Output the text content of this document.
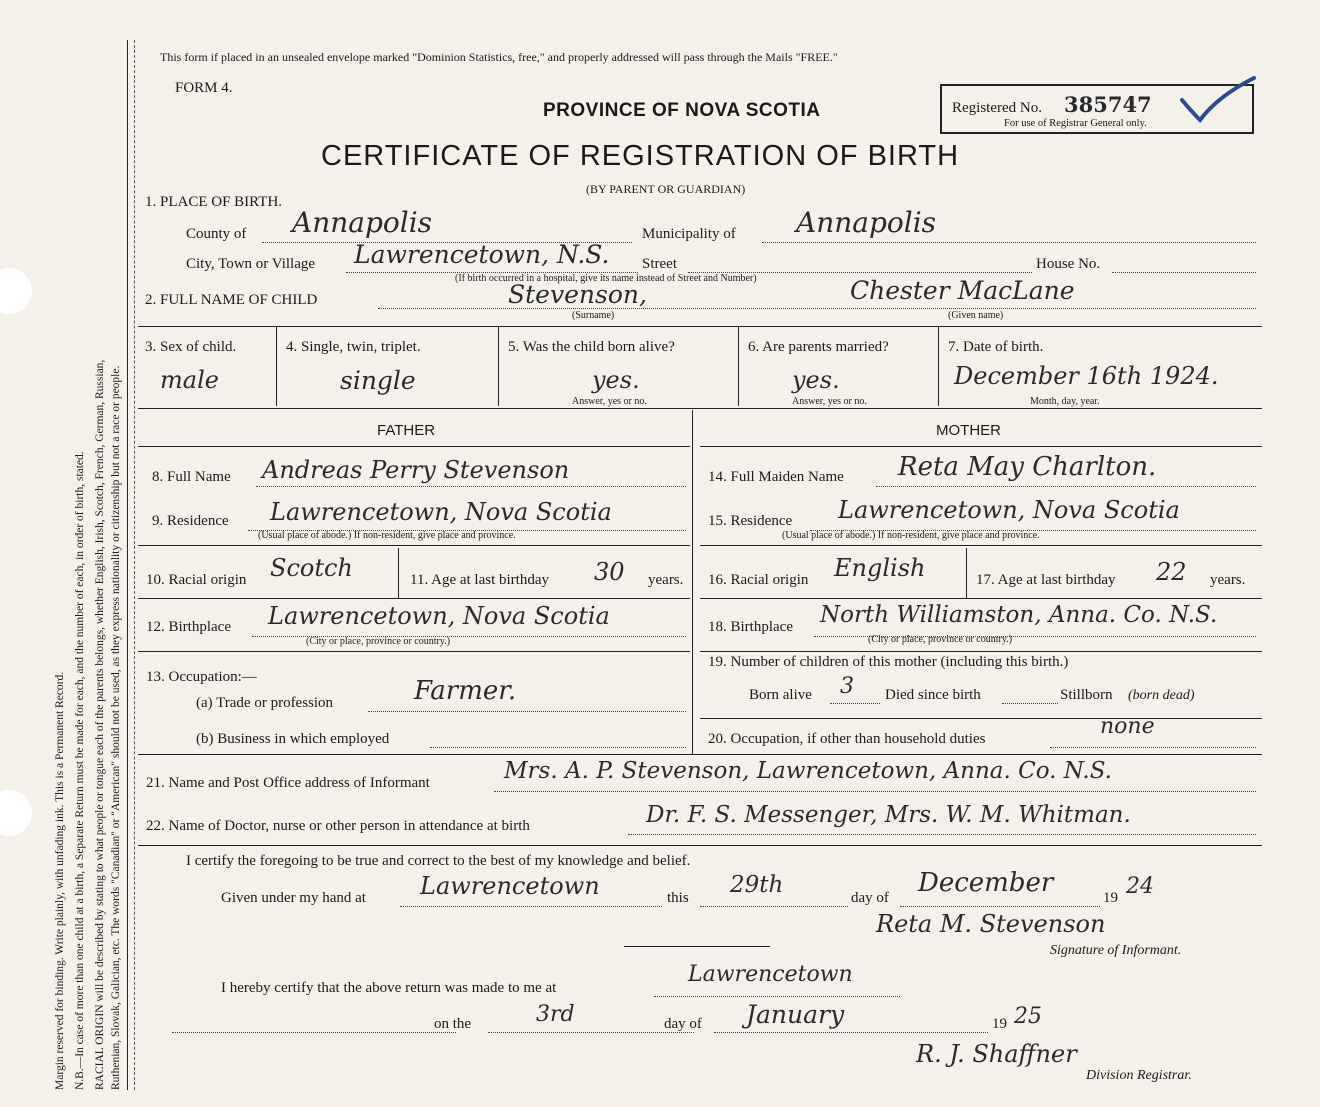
Margin reserved for binding. Write plainly, with unfading ink. This is a Permanent Record. N.B.—In case of more than one child at a birth, a Separate Return must be made for each, and the number of each, in order of birth, stated. RACIAL ORIGIN will be described by stating to what people or tongue each of the parents belongs, whether English, Irish, Scotch, French, German, Russian, Ruthenian, Slovak, Galician, etc. The words "Canadian" or "American" should not be used, as they express nationality or citizenship but not a race or people.
This form if placed in an unsealed envelope marked "Dominion Statistics, free," and properly addressed will pass through the Mails "FREE."
FORM 4.
PROVINCE OF NOVA SCOTIA	Registered No. 385747
For use of Registrar General only.
CERTIFICATE OF REGISTRATION OF BIRTH
(BY PARENT OR GUARDIAN)
1. PLACE OF BIRTH.
County of Annapolis	Municipality of Annapolis
City, Town or Village Lawrencetown, N.S. Street	House No.
(If birth occurred in a hospital, give its name instead of Street and Number)
2. FULL NAME OF CHILD	Stevenson,	Chester MacLane
(Surname)	(Given name)
3. Sex of child.
male
4. Single, twin, triplet.
single
5. Was the child born alive?
yes.
Answer, yes or no.
6. Are parents married?
yes.
Answer, yes or no.
7. Date of birth.
December 16th 1924.
Month, day, year.
FATHER	MOTHER
8. Full Name Andreas Perry Stevenson	14. Full Maiden Name Reta May Charlton.
9. Residence Lawrencetown, Nova Scotia
(Usual place of abode.) If non-resident, give place and province.
15. Residence Lawrencetown, Nova Scotia
(Usual place of abode.) If non-resident, give place and province.
10. Racial origin Scotch	11. Age at last birthday 30 years. 16. Racial origin English	17. Age at last birthday 22 years.
12. Birthplace Lawrencetown, Nova Scotia
(City or place, province or country.)
18. Birthplace North Williamston, Anna. Co. N.S.
(City or place, province or country.)
13. Occupation:—
(a) Trade or profession	Farmer.
(b) Business in which employed
19. Number of children of this mother (including this birth.)
Born alive 3 Died since birth	Stillborn (born dead)
20. Occupation, if other than household duties	none
21. Name and Post Office address of Informant	Mrs. A. P. Stevenson, Lawrencetown, Anna. Co. N.S.
22. Name of Doctor, nurse or other person in attendance at birth	Dr. F. S. Messenger, Mrs. W. M. Whitman.
I certify the foregoing to be true and correct to the best of my knowledge and belief.
Given under my hand at Lawrencetown	this 29th	day of December	19 24
Reta M. Stevenson
Signature of Informant.
I hereby certify that the above return was made to me at
Lawrencetown
on the	3rd	day of January	19 25
R. J. Shaffner
Division Registrar.
